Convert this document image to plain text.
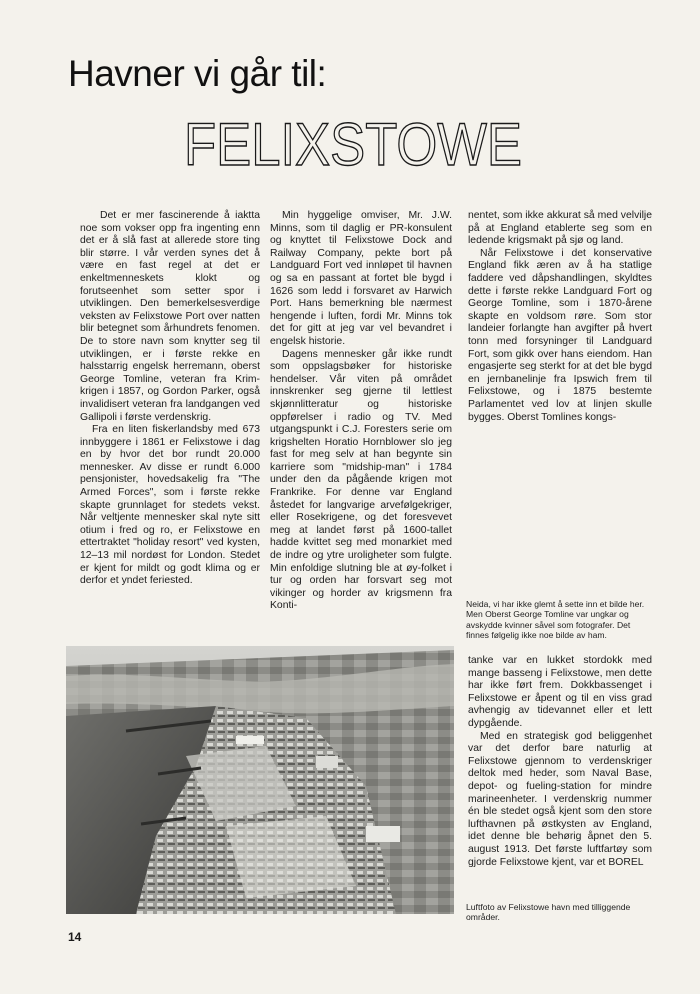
Havner vi går til:
FELIXSTOWE

Det er mer fascinerende å iaktta noe som vokser opp fra ingenting enn det er å slå fast at allerede store ting blir større. I vår verden synes det å være en fast regel at det er enkeltmenneskets klokt og forutseenhet som setter spor i utviklingen. Den bemerkelsesverdige veksten av Felixstowe Port over natten blir betegnet som århundrets fenomen. De to store navn som knytter seg til utviklingen, er i første rekke en halsstarrig engelsk herremann, oberst George Tomline, veteran fra Krim-krigen i 1857, og Gordon Parker, også invalidisert veteran fra landgangen ved Gallipoli i første verdenskrig.

Fra en liten fiskerlandsby med 673 innbyggere i 1861 er Felixstowe i dag en by hvor det bor rundt 20.000 mennesker. Av disse er rundt 6.000 pensjonister, hovedsakelig fra "The Armed Forces", som i første rekke skapte grunnlaget for stedets vekst. Når veltjente mennesker skal nyte sitt otium i fred og ro, er Felixstowe en ettertraktet "holiday resort" ved kysten, 12–13 mil nordøst for London. Stedet er kjent for mildt og godt klima og er derfor et yndet feriested.

Min hyggelige omviser, Mr. J.W. Minns, som til daglig er PR-konsulent og knyttet til Felixstowe Dock and Railway Company, pekte bort på Landguard Fort ved innløpet til havnen og sa en passant at fortet ble bygd i 1626 som ledd i forsvaret av Harwich Port. Hans bemerkning ble nærmest hengende i luften, fordi Mr. Minns tok det for gitt at jeg var vel bevandret i engelsk historie.

Dagens mennesker går ikke rundt som oppslagsbøker for historiske hendelser. Vår viten på området innskrenker seg gjerne til lettlest skjønnlitteratur og historiske oppførelser i radio og TV. Med utgangspunkt i C.J. Foresters serie om krigshelten Horatio Hornblower slo jeg fast for meg selv at han begynte sin karriere som "midship-man" i 1784 under den da pågående krigen mot Frankrike. For denne var England åstedet for langvarige arvefølgekriger, eller Rosekrigene, og det foresvevet meg at landet først på 1600-tallet hadde kvittet seg med monarkiet med de indre og ytre uroligheter som fulgte. Min enfoldige slutning ble at øy-folket i tur og orden har forsvart seg mot vikinger og horder av krigsmenn fra Konti-

nentet, som ikke akkurat så med velvilje på at England etablerte seg som en ledende krigsmakt på sjø og land.

Når Felixstowe i det konservative England fikk æren av å ha statlige faddere ved dåpshandlingen, skyldtes dette i første rekke Landguard Fort og George Tomline, som i 1870-årene skapte en voldsom røre. Som stor landeier forlangte han avgifter på hvert tonn med forsyninger til Landguard Fort, som gikk over hans eiendom. Han engasjerte seg sterkt for at det ble bygd en jernbanelinje fra Ipswich frem til Felixstowe, og i 1875 bestemte Parlamentet ved lov at linjen skulle bygges. Oberst Tomlines kongs-

Neida, vi har ikke glemt å sette inn et bilde her. Men Oberst George Tomline var ungkar og avskydde kvinner såvel som fotografer. Det finnes følgelig ikke noe bilde av ham.

tanke var en lukket stordokk med mange basseng i Felixstowe, men dette har ikke ført frem. Dokkbassenget i Felixstowe er åpent og til en viss grad avhengig av tidevannet eller et lett dypgående.

Med en strategisk god beliggenhet var det derfor bare naturlig at Felixstowe gjennom to verdenskriger deltok med heder, som Naval Base, depot- og fueling-station for mindre marineenheter. I verdenskrig nummer én ble stedet også kjent som den store lufthavnen på østkysten av England, idet denne ble behørig åpnet den 5. august 1913. Det første luftfartøy som gjorde Felixstowe kjent, var et BOREL

Luftfoto av Felixstowe havn med tilliggende områder.

14
